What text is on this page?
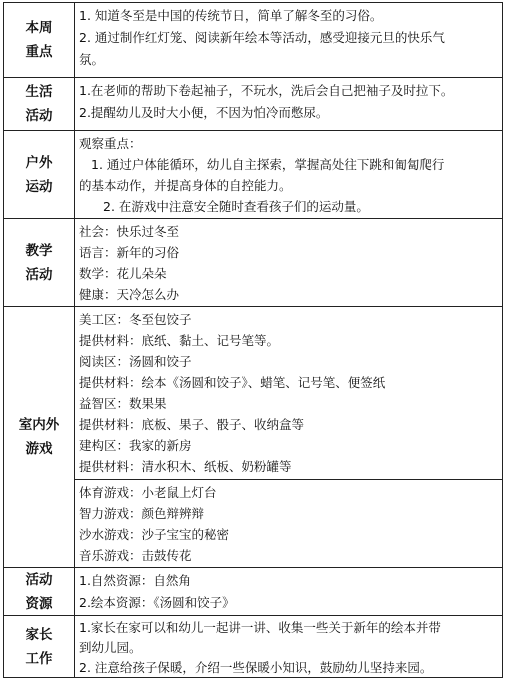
本周
重点
1. 知道冬至是中国的传统节日，简单了解冬至的习俗。
2. 通过制作红灯笼、阅读新年绘本等活动，感受迎接元旦的快乐气
氛。
生活
活动
1.在老师的帮助下卷起袖子，不玩水，洗后会自己把袖子及时拉下。
2.提醒幼儿及时大小便，不因为怕冷而憋尿。
户外
运动
观察重点：
1. 通过户体能循环，幼儿自主探索，掌握高处往下跳和匍匐爬行
的基本动作，并提高身体的自控能力。
2. 在游戏中注意安全随时查看孩子们的运动量。
教学
活动
社会：快乐过冬至
语言：新年的习俗
数学：花儿朵朵
健康：天冷怎么办
室内外
游戏
美工区：冬至包饺子
提供材料：底纸、黏土、记号笔等。
阅读区：汤圆和饺子
提供材料：绘本《汤圆和饺子》、蜡笔、记号笔、便签纸
益智区：数果果
提供材料：底板、果子、骰子、收纳盒等
建构区：我家的新房
提供材料：清水积木、纸板、奶粉罐等
体育游戏：小老鼠上灯台
智力游戏：颜色辩辨辩
沙水游戏：沙子宝宝的秘密
音乐游戏：击鼓传花
活动
资源
1.自然资源：自然角
2.绘本资源：《汤圆和饺子》
家长
工作
1.家长在家可以和幼儿一起讲一讲、收集一些关于新年的绘本并带
到幼儿园。
2. 注意给孩子保暖，介绍一些保暖小知识，鼓励幼儿坚持来园。
